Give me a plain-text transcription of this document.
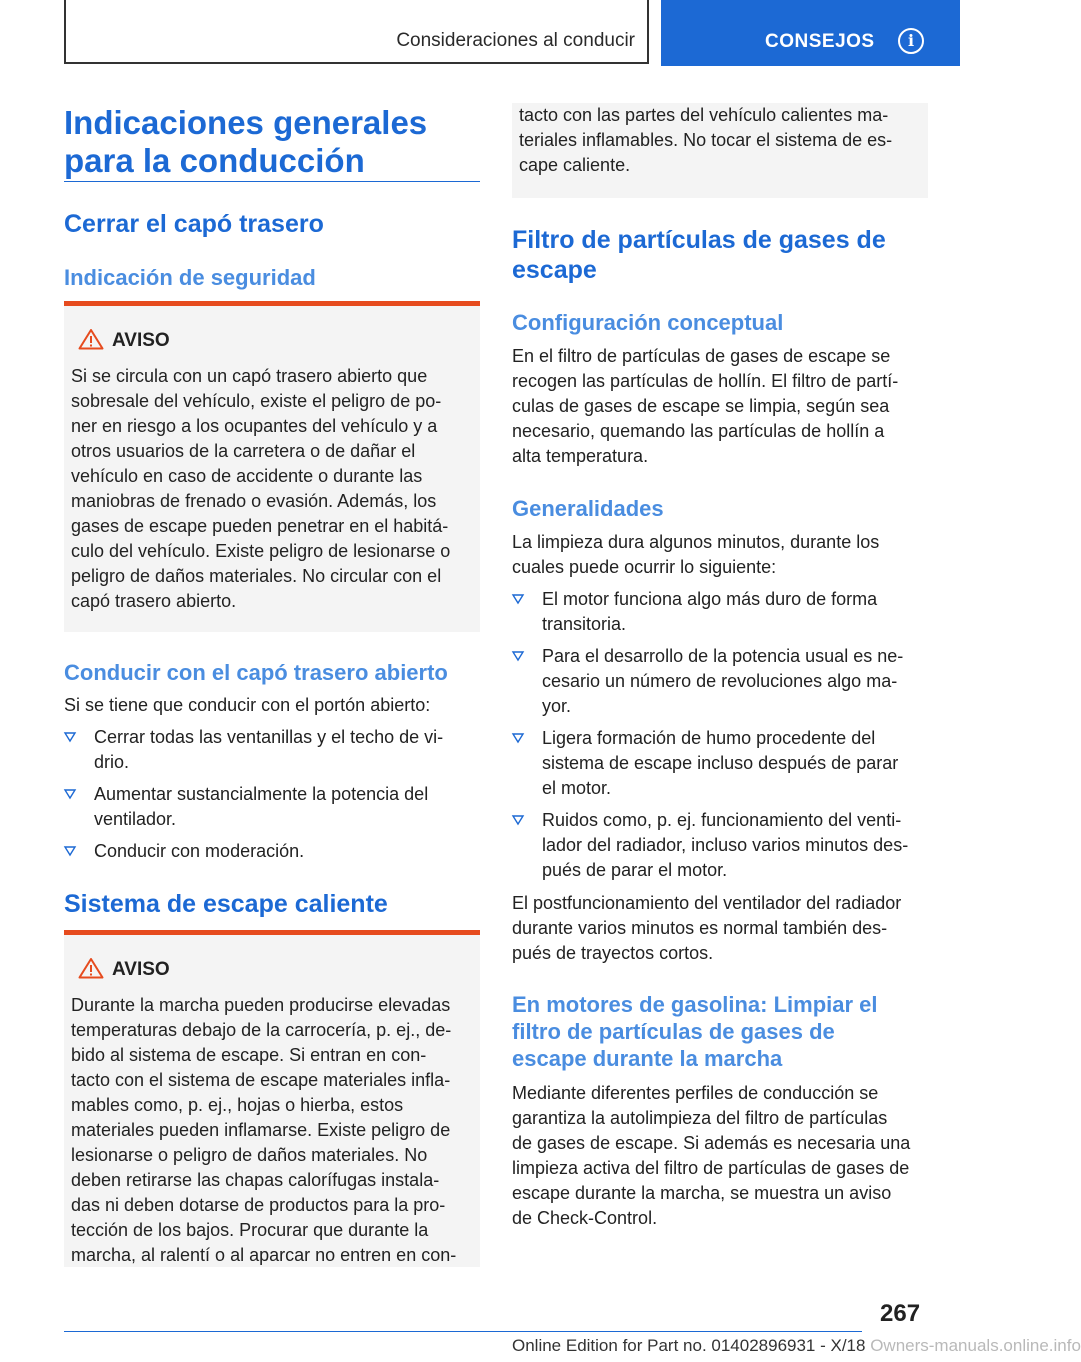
Consideraciones al conducir	CONSEJOS	i
Indicaciones generales
para la conducción
Cerrar el capó trasero
Indicación de seguridad
AVISO
Si se circula con un capó trasero abierto que
sobresale del vehículo, existe el peligro de po-
ner en riesgo a los ocupantes del vehículo y a
otros usuarios de la carretera o de dañar el
vehículo en caso de accidente o durante las
maniobras de frenado o evasión. Además, los
gases de escape pueden penetrar en el habitá-
culo del vehículo. Existe peligro de lesionarse o
peligro de daños materiales. No circular con el
capó trasero abierto.
Conducir con el capó trasero abierto
Si se tiene que conducir con el portón abierto:
Cerrar todas las ventanillas y el techo de vi-
drio.
Aumentar sustancialmente la potencia del
ventilador.
Conducir con moderación.
Sistema de escape caliente
AVISO
Durante la marcha pueden producirse elevadas
temperaturas debajo de la carrocería, p. ej., de-
bido al sistema de escape. Si entran en con-
tacto con el sistema de escape materiales infla-
mables como, p. ej., hojas o hierba, estos
materiales pueden inflamarse. Existe peligro de
lesionarse o peligro de daños materiales. No
deben retirarse las chapas calorífugas instala-
das ni deben dotarse de productos para la pro-
tección de los bajos. Procurar que durante la
marcha, al ralentí o al aparcar no entren en con-
tacto con las partes del vehículo calientes ma-
teriales inflamables. No tocar el sistema de es-
cape caliente.
Filtro de partículas de gases de
escape
Configuración conceptual
En el filtro de partículas de gases de escape se
recogen las partículas de hollín. El filtro de partí-
culas de gases de escape se limpia, según sea
necesario, quemando las partículas de hollín a
alta temperatura.
Generalidades
La limpieza dura algunos minutos, durante los
cuales puede ocurrir lo siguiente:
El motor funciona algo más duro de forma
transitoria.
Para el desarrollo de la potencia usual es ne-
cesario un número de revoluciones algo ma-
yor.
Ligera formación de humo procedente del
sistema de escape incluso después de parar
el motor.
Ruidos como, p. ej. funcionamiento del venti-
lador del radiador, incluso varios minutos des-
pués de parar el motor.
El postfuncionamiento del ventilador del radiador
durante varios minutos es normal también des-
pués de trayectos cortos.
En motores de gasolina: Limpiar el
filtro de partículas de gases de
escape durante la marcha
Mediante diferentes perfiles de conducción se
garantiza la autolimpieza del filtro de partículas
de gases de escape. Si además es necesaria una
limpieza activa del filtro de partículas de gases de
escape durante la marcha, se muestra un aviso
de Check-Control.
267
Online Edition for Part no. 01402896931 - X/18 Owners-manuals.online.info
